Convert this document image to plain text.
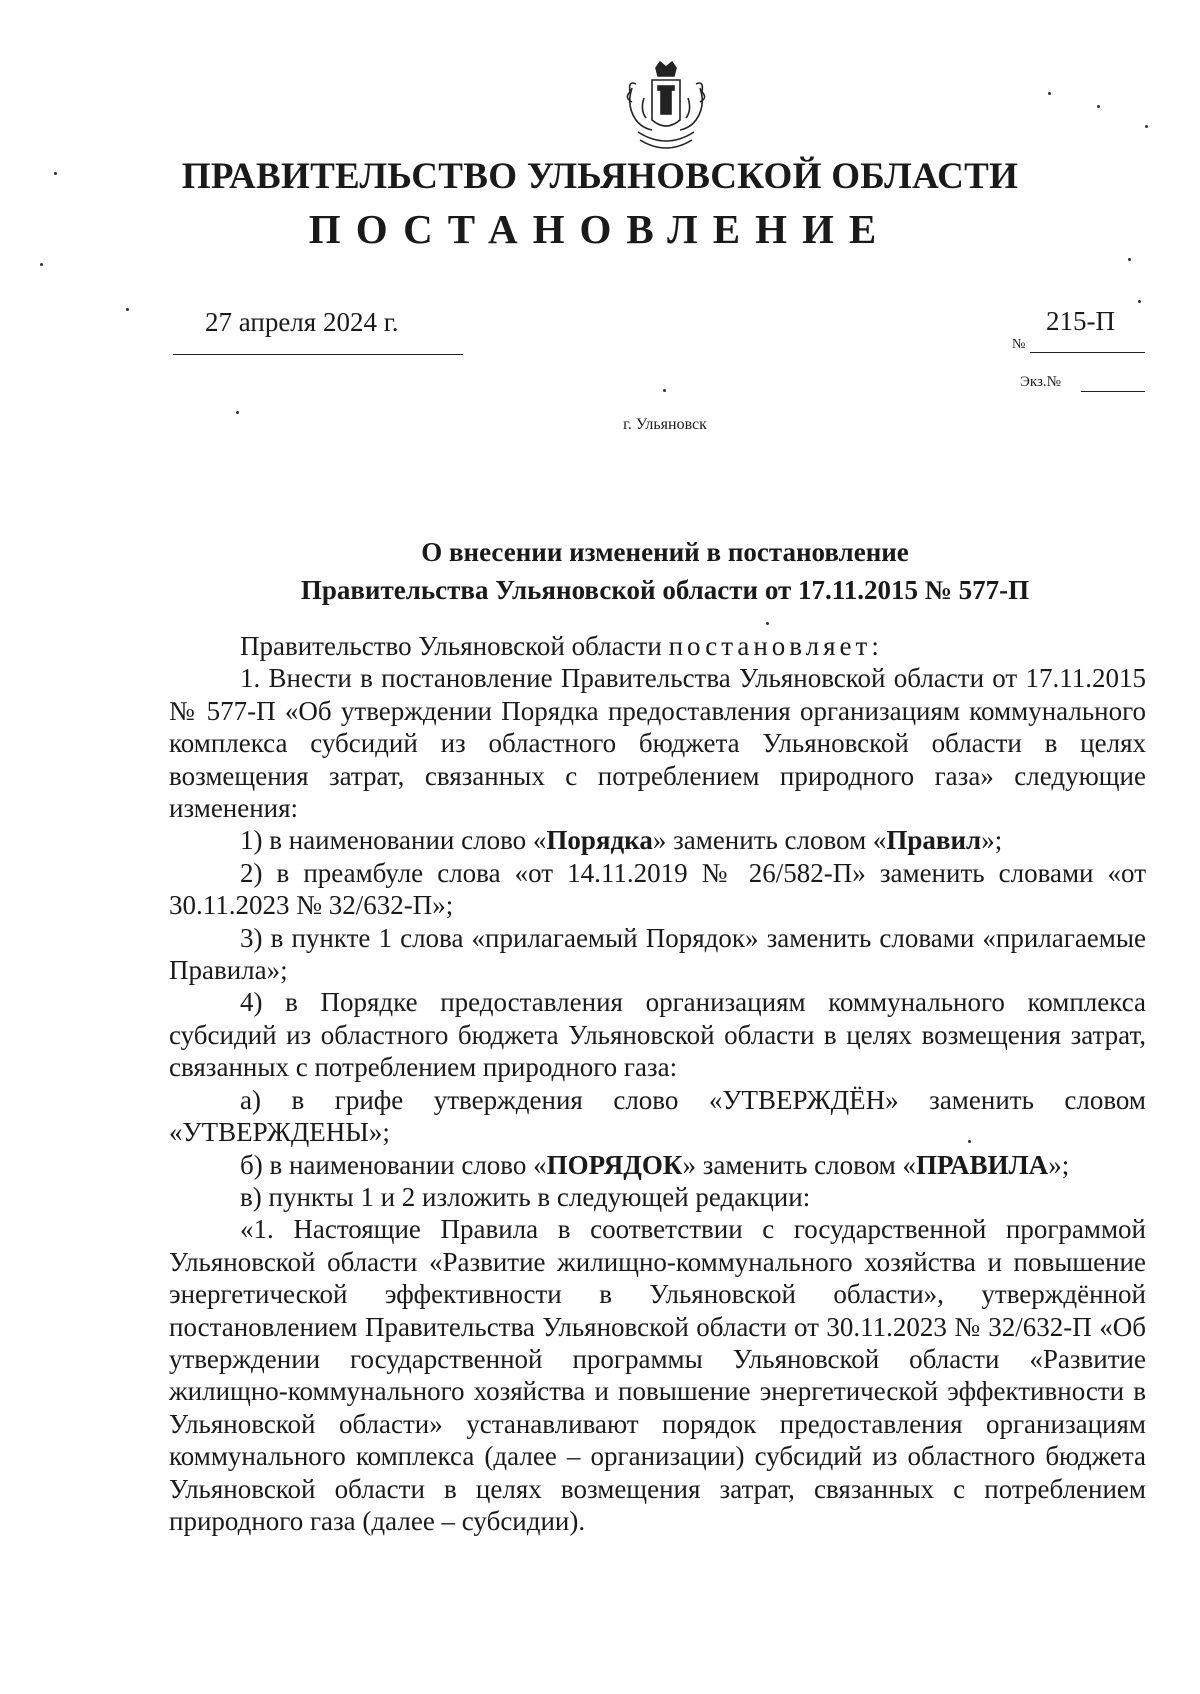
ПРАВИТЕЛЬСТВО УЛЬЯНОВСКОЙ ОБЛАСТИ
ПОСТАНОВЛЕНИЕ
27 апреля 2024 г.
№
215-П
Экз.№
г. Ульяновск
О внесении изменений в постановление
Правительства Ульяновской области от 17.11.2015 № 577-П

Правительство Ульяновской области постановляет:

1. Внести в постановление Правительства Ульяновской области от 17.11.2015 № 577-П «Об утверждении Порядка предоставления организациям коммунального комплекса субсидий из областного бюджета Ульяновской области в целях возмещения затрат, связанных с потреблением природного газа» следующие изменения:

1) в наименовании слово «Порядка» заменить словом «Правил»;

2) в преамбуле слова «от 14.11.2019 № 26/582-П» заменить словами «от 30.11.2023 № 32/632-П»;

3) в пункте 1 слова «прилагаемый Порядок» заменить словами «прилагаемые Правила»;

4) в Порядке предоставления организациям коммунального комплекса субсидий из областного бюджета Ульяновской области в целях возмещения затрат, связанных с потреблением природного газа:

а) в грифе утверждения слово «УТВЕРЖДЁН» заменить словом «УТВЕРЖДЕНЫ»;

б) в наименовании слово «ПОРЯДОК» заменить словом «ПРАВИЛА»;

в) пункты 1 и 2 изложить в следующей редакции:

«1. Настоящие Правила в соответствии с государственной программой Ульяновской области «Развитие жилищно-коммунального хозяйства и повышение энергетической эффективности в Ульяновской области», утверждённой постановлением Правительства Ульяновской области от 30.11.2023 № 32/632-П «Об утверждении государственной программы Ульяновской области «Развитие жилищно-коммунального хозяйства и повышение энергетической эффективности в Ульяновской области» устанавливают порядок предоставления организациям коммунального комплекса (далее – организации) субсидий из областного бюджета Ульяновской области в целях возмещения затрат, связанных с потреблением природного газа (далее – субсидии).
